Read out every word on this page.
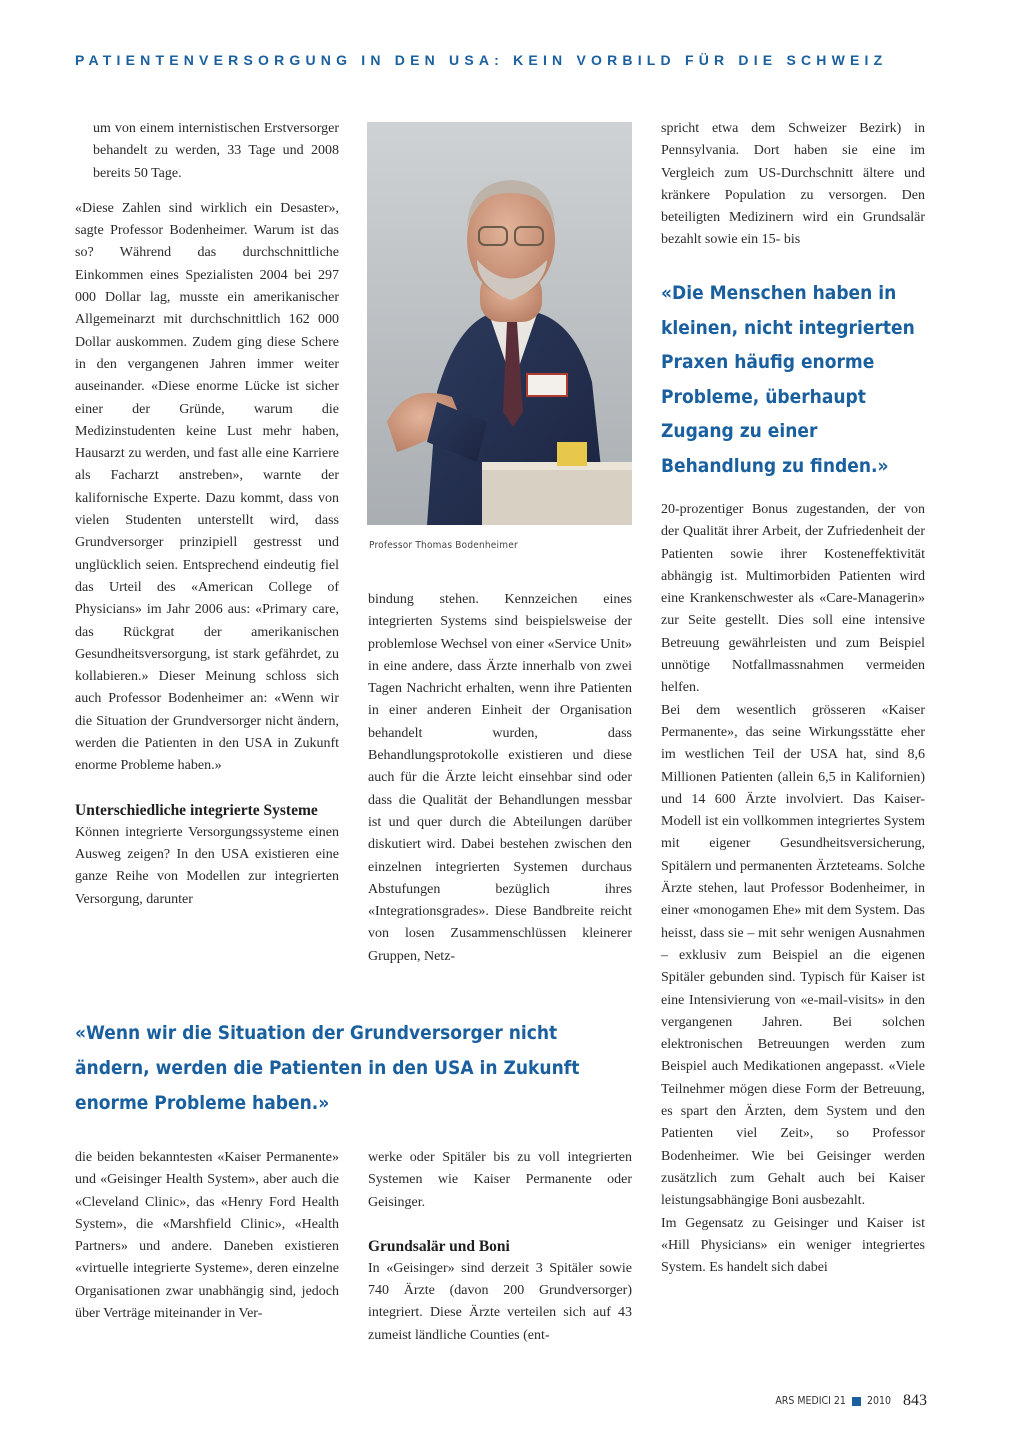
PATIENTENVERSORGUNG IN DEN USA: KEIN VORBILD FÜR DIE SCHWEIZ

um von einem internistischen Erstversorger behandelt zu werden, 33 Tage und 2008 bereits 50 Tage.

«Diese Zahlen sind wirklich ein Desaster», sagte Professor Bodenheimer. Warum ist das so? Während das durchschnittliche Einkommen eines Spezialisten 2004 bei 297 000 Dollar lag, musste ein amerikanischer Allgemeinarzt mit durchschnittlich 162 000 Dollar auskommen. Zudem ging diese Schere in den vergangenen Jahren immer weiter auseinander. «Diese enorme Lücke ist sicher einer der Gründe, warum die Medizinstudenten keine Lust mehr haben, Hausarzt zu werden, und fast alle eine Karriere als Facharzt anstreben», warnte der kalifornische Experte. Dazu kommt, dass von vielen Studenten unterstellt wird, dass Grundversorger prinzipiell gestresst und unglücklich seien. Entsprechend eindeutig fiel das Urteil des «American College of Physicians» im Jahr 2006 aus: «Primary care, das Rückgrat der amerikanischen Gesundheitsversorgung, ist stark gefährdet, zu kollabieren.» Dieser Meinung schloss sich auch Professor Bodenheimer an: «Wenn wir die Situation der Grundversorger nicht ändern, werden die Patienten in den USA in Zukunft enorme Probleme haben.»

Unterschiedliche integrierte Systeme

Können integrierte Versorgungssysteme einen Ausweg zeigen? In den USA existieren eine ganze Reihe von Modellen zur integrierten Versorgung, darunter

Professor Thomas Bodenheimer

bindung stehen. Kennzeichen eines integrierten Systems sind beispielsweise der problemlose Wechsel von einer «Service Unit» in eine andere, dass Ärzte innerhalb von zwei Tagen Nachricht erhalten, wenn ihre Patienten in einer anderen Einheit der Organisation behandelt wurden, dass Behandlungsprotokolle existieren und diese auch für die Ärzte leicht einsehbar sind oder dass die Qualität der Behandlungen messbar ist und quer durch die Abteilungen darüber diskutiert wird. Dabei bestehen zwischen den einzelnen integrierten Systemen durchaus Abstufungen bezüglich ihres «Integrationsgrades». Diese Bandbreite reicht von losen Zusammenschlüssen kleinerer Gruppen, Netz-

spricht etwa dem Schweizer Bezirk) in Pennsylvania. Dort haben sie eine im Vergleich zum US-Durchschnitt ältere und kränkere Population zu versorgen. Den beteiligten Medizinern wird ein Grundsalär bezahlt sowie ein 15- bis

«Die Menschen haben in kleinen, nicht integrierten Praxen häufig enorme Probleme, überhaupt Zugang zu einer Behandlung zu finden.»

20-prozentiger Bonus zugestanden, der von der Qualität ihrer Arbeit, der Zufriedenheit der Patienten sowie ihrer Kosteneffektivität abhängig ist. Multimorbiden Patienten wird eine Krankenschwester als «Care-Managerin» zur Seite gestellt. Dies soll eine intensive Betreuung gewährleisten und zum Beispiel unnötige Notfallmassnahmen vermeiden helfen.

Bei dem wesentlich grösseren «Kaiser Permanente», das seine Wirkungsstätte eher im westlichen Teil der USA hat, sind 8,6 Millionen Patienten (allein 6,5 in Kalifornien) und 14 600 Ärzte involviert. Das Kaiser-Modell ist ein vollkommen integriertes System mit eigener Gesundheitsversicherung, Spitälern und permanenten Ärzteteams. Solche Ärzte stehen, laut Professor Bodenheimer, in einer «monogamen Ehe» mit dem System. Das heisst, dass sie – mit sehr wenigen Ausnahmen – exklusiv zum Beispiel an die eigenen Spitäler gebunden sind. Typisch für Kaiser ist eine Intensivierung von «e-mail-visits» in den vergangenen Jahren. Bei solchen elektronischen Betreuungen werden zum Beispiel auch Medikationen angepasst. «Viele Teilnehmer mögen diese Form der Betreuung, es spart den Ärzten, dem System und den Patienten viel Zeit», so Professor Bodenheimer. Wie bei Geisinger werden zusätzlich zum Gehalt auch bei Kaiser leistungsabhängige Boni ausbezahlt.

Im Gegensatz zu Geisinger und Kaiser ist «Hill Physicians» ein weniger integriertes System. Es handelt sich dabei

«Wenn wir die Situation der Grundversorger nicht ändern, werden die Patienten in den USA in Zukunft enorme Probleme haben.»

die beiden bekanntesten «Kaiser Permanente» und «Geisinger Health System», aber auch die «Cleveland Clinic», das «Henry Ford Health System», die «Marshfield Clinic», «Health Partners» und andere. Daneben existieren «virtuelle integrierte Systeme», deren einzelne Organisationen zwar unabhängig sind, jedoch über Verträge miteinander in Ver-

werke oder Spitäler bis zu voll integrierten Systemen wie Kaiser Permanente oder Geisinger.

Grundsalär und Boni

In «Geisinger» sind derzeit 3 Spitäler sowie 740 Ärzte (davon 200 Grundversorger) integriert. Diese Ärzte verteilen sich auf 43 zumeist ländliche Counties (ent-

ARS MEDICI 21 2010 843
